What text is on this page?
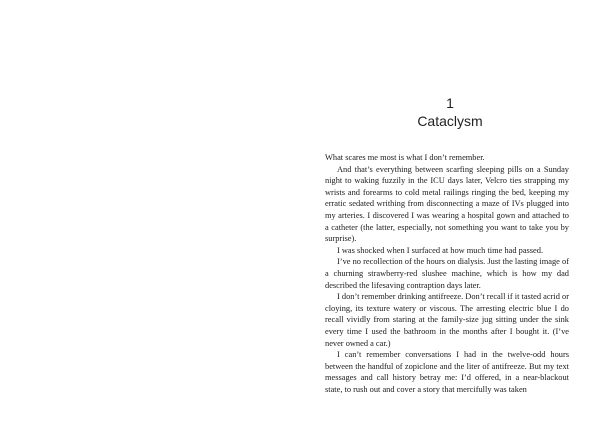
1
Cataclysm

What scares me most is what I don’t remember.

And that’s everything between scarfing sleeping pills on a Sunday night to waking fuzzily in the ICU days later, Velcro ties strapping my wrists and forearms to cold metal railings ringing the bed, keeping my erratic sedated writhing from disconnecting a maze of IVs plugged into my arteries. I discovered I was wearing a hospital gown and attached to a catheter (the latter, especially, not something you want to take you by surprise).

I was shocked when I surfaced at how much time had passed.

I’ve no recollection of the hours on dialysis. Just the lasting image of a churning strawberry-red slushee machine, which is how my dad described the lifesaving contraption days later.

I don’t remember drinking antifreeze. Don’t recall if it tasted acrid or cloying, its texture watery or viscous. The arresting electric blue I do recall vividly from staring at the family-size jug sitting under the sink every time I used the bathroom in the months after I bought it. (I’ve never owned a car.)

I can’t remember conversations I had in the twelve-odd hours between the handful of zopiclone and the liter of antifreeze. But my text messages and call history betray me: I’d offered, in a near-blackout state, to rush out and cover a story that mercifully was taken
